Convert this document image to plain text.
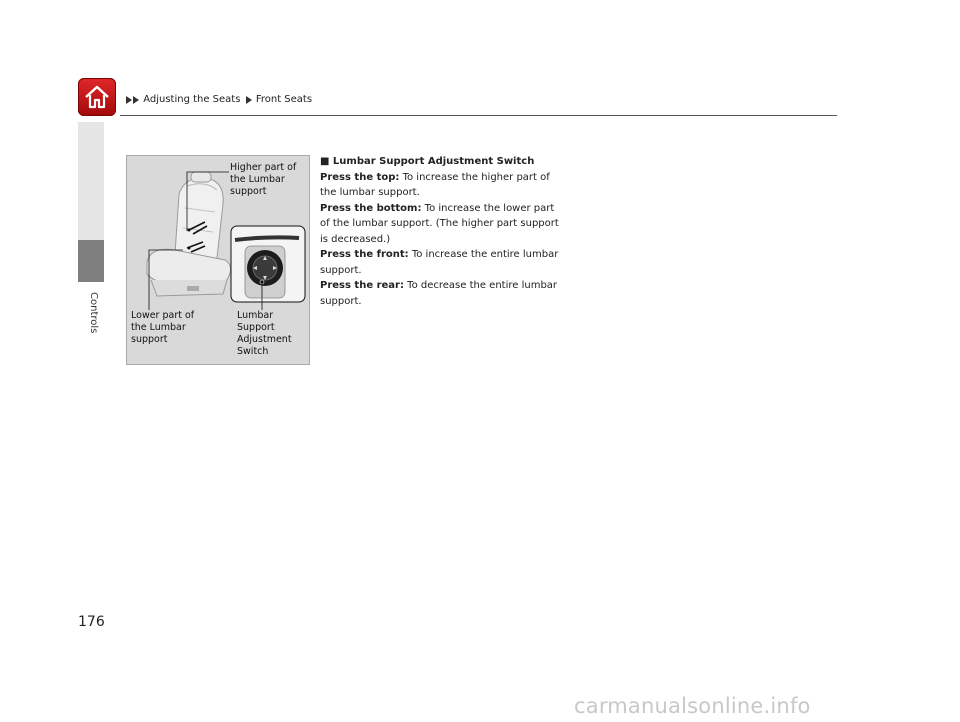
Adjusting the Seats Front Seats
Controls
Higher part of
the Lumbar
support
Lower part of
the Lumbar
support
Lumbar
Support
Adjustment
Switch
■ Lumbar Support Adjustment Switch
Press the top: To increase the higher part of the lumbar support.
Press the bottom: To increase the lower part of the lumbar support. (The higher part support is decreased.)
Press the front: To increase the entire lumbar support.
Press the rear: To decrease the entire lumbar support.
176
carmanualsonline.info
